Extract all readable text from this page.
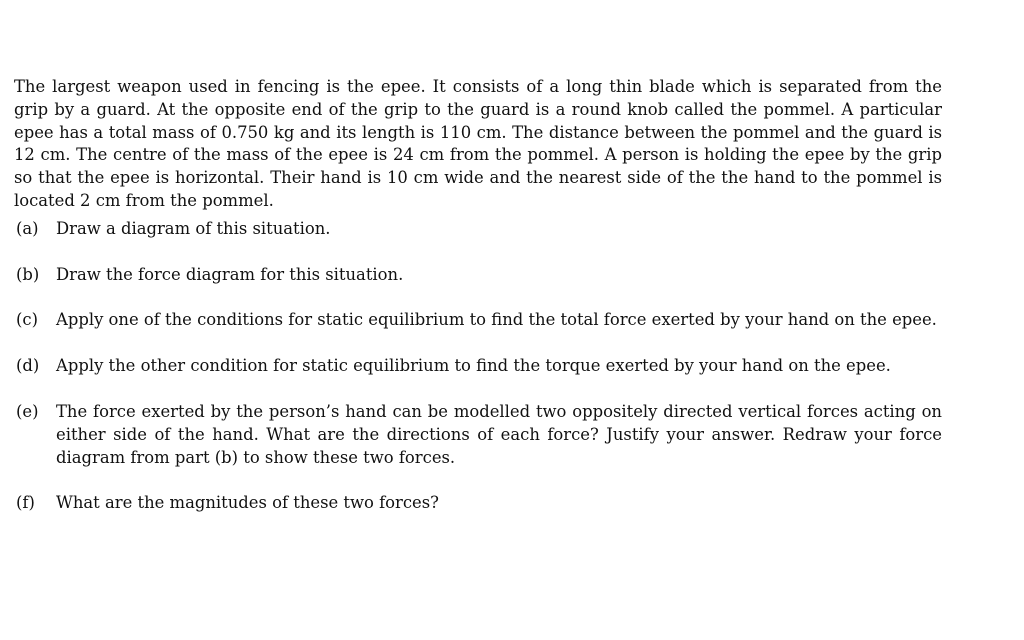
The largest weapon used in fencing is the epee. It consists of a long thin blade which is separated from the grip by a guard. At the opposite end of the grip to the guard is a round knob called the pommel. A particular epee has a total mass of 0.750 kg and its length is 110 cm. The distance between the pommel and the guard is 12 cm. The centre of the mass of the epee is 24 cm from the pommel. A person is holding the epee by the grip so that the epee is horizontal. Their hand is 10 cm wide and the nearest side of the the hand to the pommel is located 2 cm from the pommel.

(a) Draw a diagram of this situation.
(b) Draw the force diagram for this situation.
(c) Apply one of the conditions for static equilibrium to find the total force exerted by your hand on the epee.
(d) Apply the other condition for static equilibrium to find the torque exerted by your hand on the epee.
(e) The force exerted by the person’s hand can be modelled two oppositely directed vertical forces acting on either side of the hand. What are the directions of each force? Justify your answer. Redraw your force diagram from part (b) to show these two forces.
(f) What are the magnitudes of these two forces?
